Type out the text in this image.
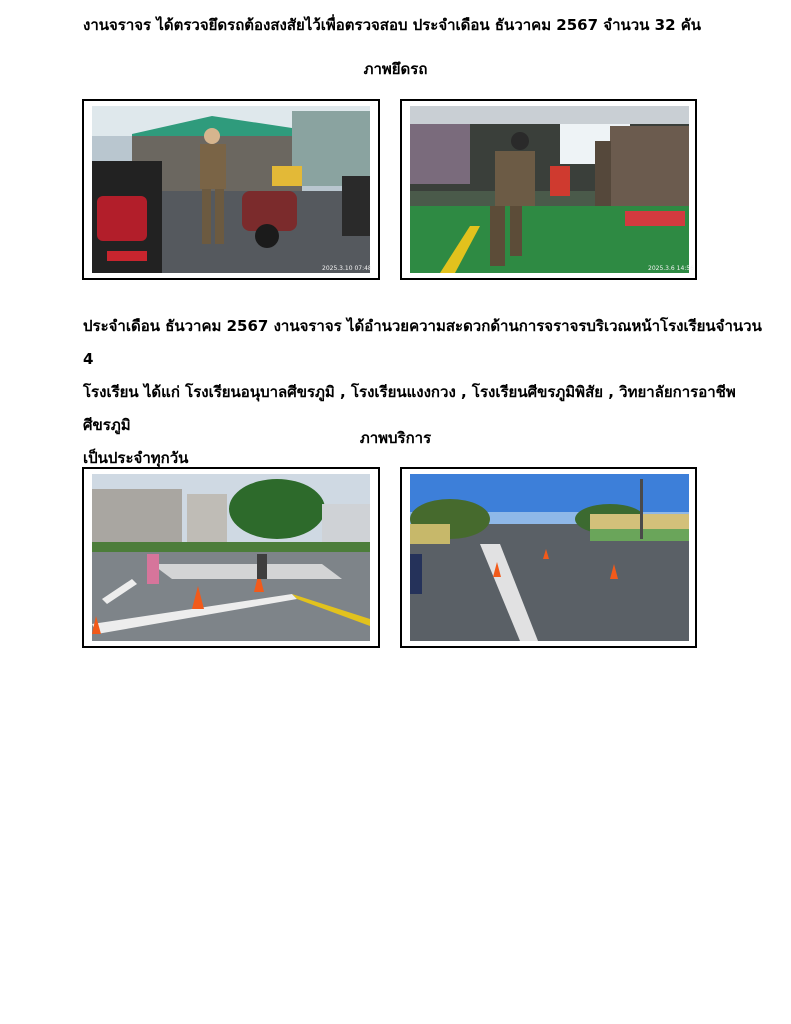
งานจราจร ได้ตรวจยึดรถต้องสงสัยไว้เพื่อตรวจสอบ ประจำเดือน ธันวาคม 2567 จำนวน 32 คัน
ภาพยึดรถ
2025.3.10 07:48	2025.3.6 14:56
ประจำเดือน ธันวาคม 2567 งานจราจร ได้อำนวยความสะดวกด้านการจราจรบริเวณหน้าโรงเรียนจำนวน 4
โรงเรียน ได้แก่ โรงเรียนอนุบาลศีขรภูมิ , โรงเรียนแงงกวง , โรงเรียนศีขรภูมิพิสัย , วิทยาลัยการอาชีพศีขรภูมิ
เป็นประจำทุกวัน
ภาพบริการ
